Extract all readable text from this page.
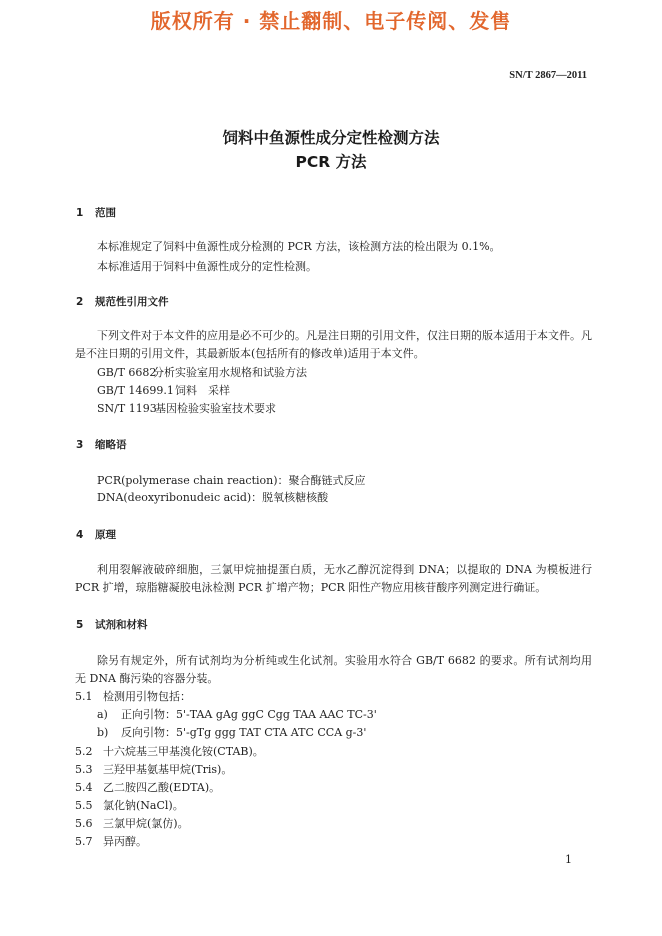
版权所有 · 禁止翻制、电子传阅、发售
SN/T 2867—2011
饲料中鱼源性成分定性检测方法
PCR 方法
1 范围
本标准规定了饲料中鱼源性成分检测的 PCR 方法，该检测方法的检出限为 0.1%。
本标准适用于饲料中鱼源性成分的定性检测。
2 规范性引用文件
下列文件对于本文件的应用是必不可少的。凡是注日期的引用文件，仅注日期的版本适用于本文件。凡是不注日期的引用文件，其最新版本(包括所有的修改单)适用于本文件。
GB/T 6682分析实验室用水规格和试验方法
GB/T 14699.1饲料　采样
SN/T 1193基因检验实验室技术要求
3 缩略语
PCR(polymerase chain reaction)：聚合酶链式反应
DNA(deoxyribonudeic acid)：脱氧核糖核酸
4 原理
利用裂解液破碎细胞，三氯甲烷抽提蛋白质，无水乙醇沉淀得到 DNA；以提取的 DNA 为模板进行 PCR 扩增，琼脂糖凝胶电泳检测 PCR 扩增产物；PCR 阳性产物应用核苷酸序列测定进行确证。
5 试剂和材料
除另有规定外，所有试剂均为分析纯或生化试剂。实验用水符合 GB/T 6682 的要求。所有试剂均用无 DNA 酶污染的容器分装。
5.1 检测用引物包括：
a) 正向引物：5'-TAA gAg ggC Cgg TAA AAC TC-3'
b) 反向引物：5'-gTg ggg TAT CTA ATC CCA g-3'
5.2 十六烷基三甲基溴化铵(CTAB)。
5.3 三羟甲基氨基甲烷(Tris)。
5.4 乙二胺四乙酸(EDTA)。
5.5 氯化钠(NaCl)。
5.6 三氯甲烷(氯仿)。
5.7 异丙醇。
1
